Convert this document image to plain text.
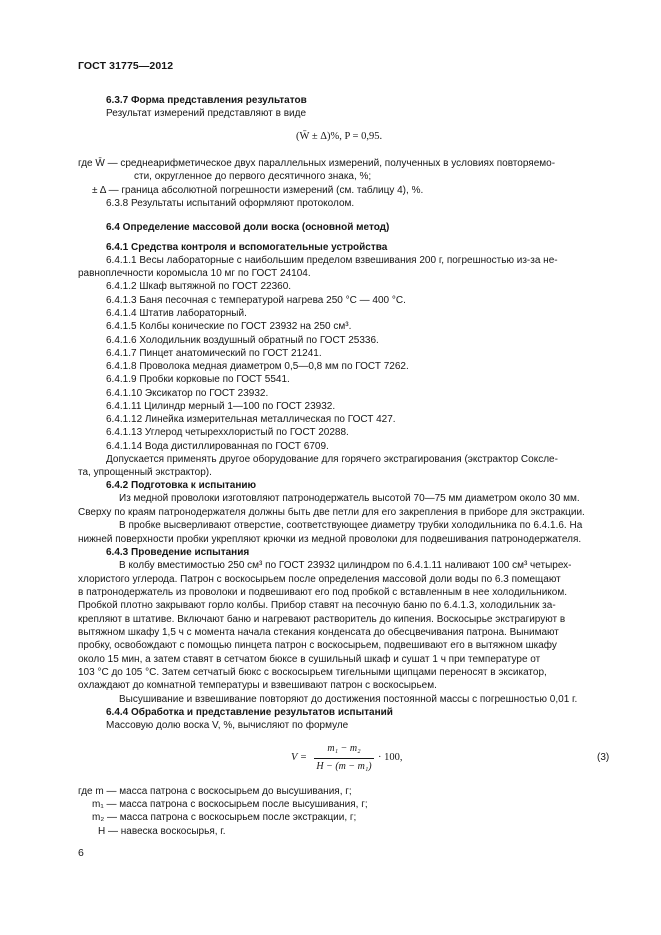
ГОСТ 31775—2012
6.3.7 Форма представления результатов
Результат измерений представляют в виде
(W̄ ± Δ)%, P = 0,95.
где W̄ — среднеарифметическое двух параллельных измерений, полученных в условиях повторяемо-
сти, округленное до первого десятичного знака, %;
± Δ — граница абсолютной погрешности измерений (см. таблицу 4), %.
6.3.8 Результаты испытаний оформляют протоколом.
6.4 Определение массовой доли воска (основной метод)
6.4.1 Средства контроля и вспомогательные устройства
6.4.1.1 Весы лабораторные с наибольшим пределом взвешивания 200 г, погрешностью из-за не-
равноплечности коромысла 10 мг по ГОСТ 24104.
6.4.1.2 Шкаф вытяжной по ГОСТ 22360.
6.4.1.3 Баня песочная с температурой нагрева 250 °С — 400 °С.
6.4.1.4 Штатив лабораторный.
6.4.1.5 Колбы конические по ГОСТ 23932 на 250 см³.
6.4.1.6 Холодильник воздушный обратный по ГОСТ 25336.
6.4.1.7 Пинцет анатомический по ГОСТ 21241.
6.4.1.8 Проволока медная диаметром 0,5—0,8 мм по ГОСТ 7262.
6.4.1.9 Пробки корковые по ГОСТ 5541.
6.4.1.10 Эксикатор по ГОСТ 23932.
6.4.1.11 Цилиндр мерный 1—100 по ГОСТ 23932.
6.4.1.12 Линейка измерительная металлическая по ГОСТ 427.
6.4.1.13 Углерод четыреххлористый по ГОСТ 20288.
6.4.1.14 Вода дистиллированная по ГОСТ 6709.
Допускается применять другое оборудование для горячего экстрагирования (экстрактор Соксле-
та, упрощенный экстрактор).
6.4.2 Подготовка к испытанию
Из медной проволоки изготовляют патронодержатель высотой 70—75 мм диаметром около 30 мм.
Сверху по краям патронодержателя должны быть две петли для его закрепления в приборе для экстракции.
В пробке высверливают отверстие, соответствующее диаметру трубки холодильника по 6.4.1.6. На
нижней поверхности пробки укрепляют крючки из медной проволоки для подвешивания патронодержателя.
6.4.3 Проведение испытания
В колбу вместимостью 250 см³ по ГОСТ 23932 цилиндром по 6.4.1.11 наливают 100 см³ четырех-
хлористого углерода. Патрон с воскосырьем после определения массовой доли воды по 6.3 помещают
в патронодержатель из проволоки и подвешивают его под пробкой с вставленным в нее холодильником.
Пробкой плотно закрывают горло колбы. Прибор ставят на песочную баню по 6.4.1.3, холодильник за-
крепляют в штативе. Включают баню и нагревают растворитель до кипения. Воскосырье экстрагируют в
вытяжном шкафу 1,5 ч с момента начала стекания конденсата до обесцвечивания патрона. Вынимают
пробку, освобождают с помощью пинцета патрон с воскосырьем, подвешивают его в вытяжном шкафу
около 15 мин, а затем ставят в сетчатом бюксе в сушильный шкаф и сушат 1 ч при температуре от
103 °С до 105 °С. Затем сетчатый бюкс с воскосырьем тигельными щипцами переносят в эксикатор,
охлаждают до комнатной температуры и взвешивают патрон с воскосырьем.
Высушивание и взвешивание повторяют до достижения постоянной массы с погрешностью 0,01 г.
6.4.4 Обработка и представление результатов испытаний
Массовую долю воска V, %, вычисляют по формуле
V =
m₁ − m₂
H − (m − m₁)
· 100,	(3)
где m — масса патрона с воскосырьем до высушивания, г;
m₁ — масса патрона с воскосырьем после высушивания, г;
m₂ — масса патрона с воскосырьем после экстракции, г;
H — навеска воскосырья, г.
6
